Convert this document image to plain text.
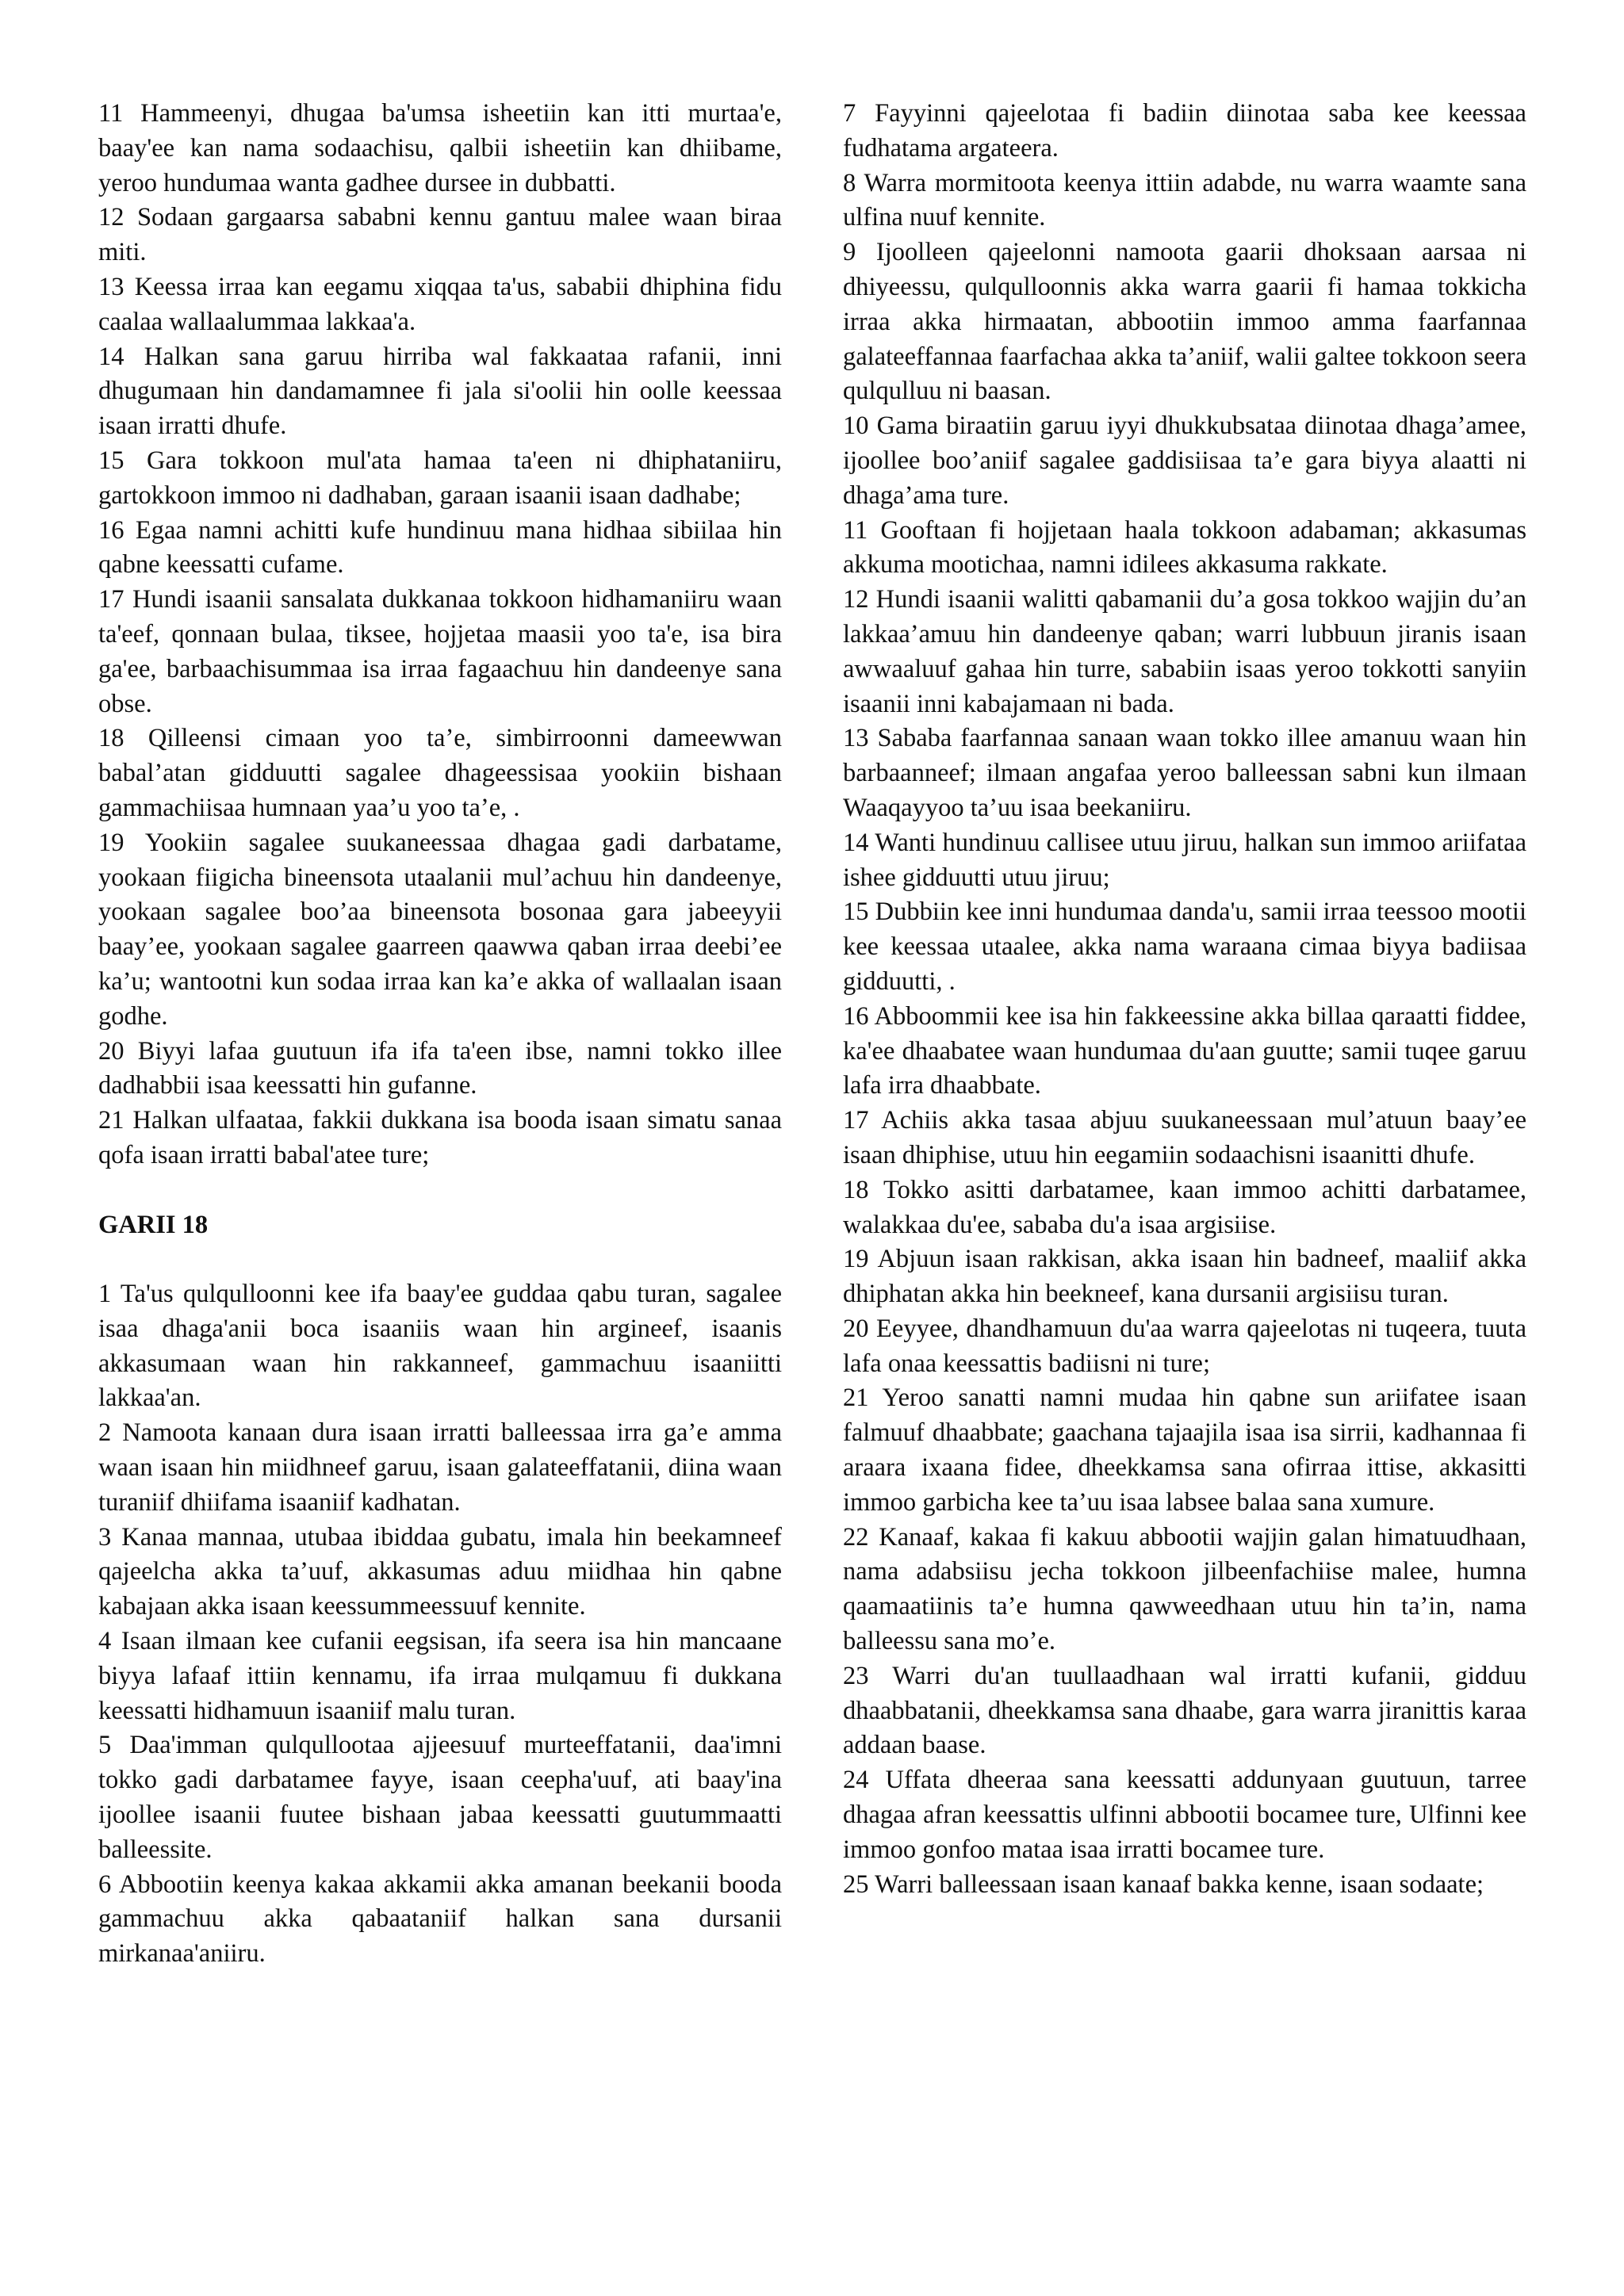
11 Hammeenyi, dhugaa ba'umsa isheetiin kan itti murtaa'e, baay'ee kan nama sodaachisu, qalbii isheetiin kan dhiibame, yeroo hundumaa wanta gadhee dursee in dubbatti.

12 Sodaan gargaarsa sababni kennu gantuu malee waan biraa miti.

13 Keessa irraa kan eegamu xiqqaa ta'us, sababii dhiphina fidu caalaa wallaalummaa lakkaa'a.

14 Halkan sana garuu hirriba wal fakkaataa rafanii, inni dhugumaan hin dandamamnee fi jala si'oolii hin oolle keessaa isaan irratti dhufe.

15 Gara tokkoon mul'ata hamaa ta'een ni dhiphataniiru, gartokkoon immoo ni dadhaban, garaan isaanii isaan dadhabe;

16 Egaa namni achitti kufe hundinuu mana hidhaa sibiilaa hin qabne keessatti cufame.

17 Hundi isaanii sansalata dukkanaa tokkoon hidhamaniiru waan ta'eef, qonnaan bulaa, tiksee, hojjetaa maasii yoo ta'e, isa bira ga'ee, barbaachisummaa isa irraa fagaachuu hin dandeenye sana obse.

18 Qilleensi cimaan yoo ta’e, simbirroonni dameewwan babal’atan gidduutti sagalee dhageessisaa yookiin bishaan gammachiisaa humnaan yaa’u yoo ta’e, .

19 Yookiin sagalee suukaneessaa dhagaa gadi darbatame, yookaan fiigicha bineensota utaalanii mul’achuu hin dandeenye, yookaan sagalee boo’aa bineensota bosonaa gara jabeeyyii baay’ee, yookaan sagalee gaarreen qaawwa qaban irraa deebi’ee ka’u; wantootni kun sodaa irraa kan ka’e akka of wallaalan isaan godhe.

20 Biyyi lafaa guutuun ifa ifa ta'een ibse, namni tokko illee dadhabbii isaa keessatti hin gufanne.

21 Halkan ulfaataa, fakkii dukkana isa booda isaan simatu sanaa qofa isaan irratti babal'atee ture;

GARII 18

1 Ta'us qulqulloonni kee ifa baay'ee guddaa qabu turan, sagalee isaa dhaga'anii boca isaaniis waan hin argineef, isaanis akkasumaan waan hin rakkanneef, gammachuu isaaniitti lakkaa'an.

2 Namoota kanaan dura isaan irratti balleessaa irra ga’e amma waan isaan hin miidhneef garuu, isaan galateeffatanii, diina waan turaniif dhiifama isaaniif kadhatan.

3 Kanaa mannaa, utubaa ibiddaa gubatu, imala hin beekamneef qajeelcha akka ta’uuf, akkasumas aduu miidhaa hin qabne kabajaan akka isaan keessummeessuuf kennite.

4 Isaan ilmaan kee cufanii eegsisan, ifa seera isa hin mancaane biyya lafaaf ittiin kennamu, ifa irraa mulqamuu fi dukkana keessatti hidhamuun isaaniif malu turan.

5 Daa'imman qulqullootaa ajjeesuuf murteeffatanii, daa'imni tokko gadi darbatamee fayye, isaan ceepha'uuf, ati baay'ina ijoollee isaanii fuutee bishaan jabaa keessatti guutummaatti balleessite.

6 Abbootiin keenya kakaa akkamii akka amanan beekanii booda gammachuu akka qabaataniif halkan sana dursanii mirkanaa'aniiru.

7 Fayyinni qajeelotaa fi badiin diinotaa saba kee keessaa fudhatama argateera.

8 Warra mormitoota keenya ittiin adabde, nu warra waamte sana ulfina nuuf kennite.

9 Ijoolleen qajeelonni namoota gaarii dhoksaan aarsaa ni dhiyeessu, qulqulloonnis akka warra gaarii fi hamaa tokkicha irraa akka hirmaatan, abbootiin immoo amma faarfannaa galateeffannaa faarfachaa akka ta’aniif, walii galtee tokkoon seera qulqulluu ni baasan.

10 Gama biraatiin garuu iyyi dhukkubsataa diinotaa dhaga’amee, ijoollee boo’aniif sagalee gaddisiisaa ta’e gara biyya alaatti ni dhaga’ama ture.

11 Gooftaan fi hojjetaan haala tokkoon adabaman; akkasumas akkuma mootichaa, namni idilees akkasuma rakkate.

12 Hundi isaanii walitti qabamanii du’a gosa tokkoo wajjin du’an lakkaa’amuu hin dandeenye qaban; warri lubbuun jiranis isaan awwaaluuf gahaa hin turre, sababiin isaas yeroo tokkotti sanyiin isaanii inni kabajamaan ni bada.

13 Sababa faarfannaa sanaan waan tokko illee amanuu waan hin barbaanneef; ilmaan angafaa yeroo balleessan sabni kun ilmaan Waaqayyoo ta’uu isaa beekaniiru.

14 Wanti hundinuu callisee utuu jiruu, halkan sun immoo ariifataa ishee gidduutti utuu jiruu;

15 Dubbiin kee inni hundumaa danda'u, samii irraa teessoo mootii kee keessaa utaalee, akka nama waraana cimaa biyya badiisaa gidduutti, .

16 Abboommii kee isa hin fakkeessine akka billaa qaraatti fiddee, ka'ee dhaabatee waan hundumaa du'aan guutte; samii tuqee garuu lafa irra dhaabbate.

17 Achiis akka tasaa abjuu suukaneessaan mul’atuun baay’ee isaan dhiphise, utuu hin eegamiin sodaachisni isaanitti dhufe.

18 Tokko asitti darbatamee, kaan immoo achitti darbatamee, walakkaa du'ee, sababa du'a isaa argisiise.

19 Abjuun isaan rakkisan, akka isaan hin badneef, maaliif akka dhiphatan akka hin beekneef, kana dursanii argisiisu turan.

20 Eeyyee, dhandhamuun du'aa warra qajeelotas ni tuqeera, tuuta lafa onaa keessattis badiisni ni ture;

21 Yeroo sanatti namni mudaa hin qabne sun ariifatee isaan falmuuf dhaabbate; gaachana tajaajila isaa isa sirrii, kadhannaa fi araara ixaana fidee, dheekkamsa sana ofirraa ittise, akkasitti immoo garbicha kee ta’uu isaa labsee balaa sana xumure.

22 Kanaaf, kakaa fi kakuu abbootii wajjin galan himatuudhaan, nama adabsiisu jecha tokkoon jilbeenfachiise malee, humna qaamaatiinis ta’e humna qawweedhaan utuu hin ta’in, nama balleessu sana mo’e.

23 Warri du'an tuullaadhaan wal irratti kufanii, gidduu dhaabbatanii, dheekkamsa sana dhaabe, gara warra jiranittis karaa addaan baase.

24 Uffata dheeraa sana keessatti addunyaan guutuun, tarree dhagaa afran keessattis ulfinni abbootii bocamee ture, Ulfinni kee immoo gonfoo mataa isaa irratti bocamee ture.

25 Warri balleessaan isaan kanaaf bakka kenne, isaan sodaate;
